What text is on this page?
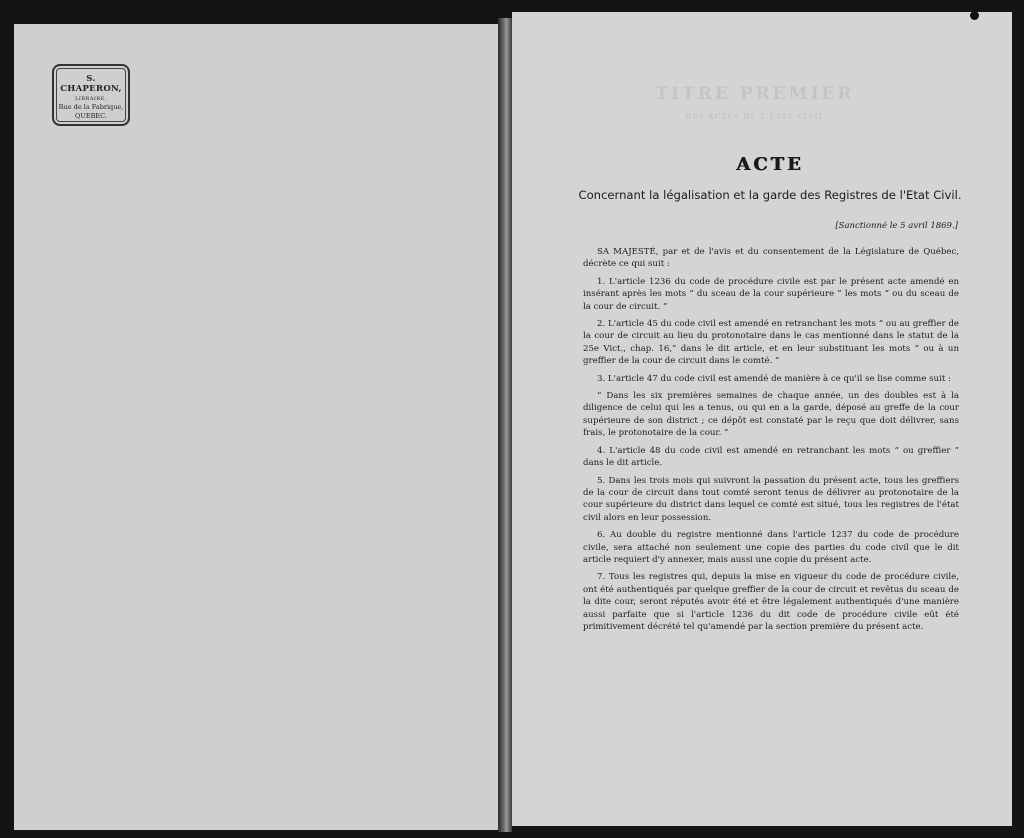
S. CHAPERON,
LIBRAIRE,
Rue de la Fabrique,
QUEBEC.
TITRE PREMIER
DES ACTES DE L'ÉTAT CIVIL
ACTE
Concernant la légalisation et la garde des Registres de l'Etat Civil.
[Sanctionné le 5 avril 1869.]

SA MAJESTÉ, par et de l'avis et du consentement de la Législature de Québec, décrète ce qui suit :

1. L'article 1236 du code de procédure civile est par le présent acte amendé en insérant après les mots “ du sceau de la cour supérieure ” les mots “ ou du sceau de la cour de circuit. ”

2. L'article 45 du code civil est amendé en retranchant les mots “ ou au greffier de la cour de circuit au lieu du protonotaire dans le cas mentionné dans le statut de la 25e Vict., chap. 16,” dans le dit article, et en leur substituant les mots “ ou à un greffier de la cour de circuit dans le comté. ”

3. L'article 47 du code civil est amendé de manière à ce qu'il se lise comme suit :

“ Dans les six premières semaines de chaque année, un des doubles est à la diligence de celui qui les a tenus, ou qui en a la garde, déposé au greffe de la cour supérieure de son district ; ce dépôt est constaté par le reçu que doit délivrer, sans frais, le protonotaire de la cour. ”

4. L'article 48 du code civil est amendé en retranchant les mots “ ou greffier ” dans le dit article.

5. Dans les trois mois qui suivront la passation du présent acte, tous les greffiers de la cour de circuit dans tout comté seront tenus de délivrer au protonotaire de la cour supérieure du district dans lequel ce comté est situé, tous les registres de l'état civil alors en leur possession.

6. Au double du registre mentionné dans l'article 1237 du code de procédure civile, sera attaché non seulement une copie des parties du code civil que le dit article requiert d'y annexer, mais aussi une copie du présent acte.

7. Tous les registres qui, depuis la mise en vigueur du code de procédure civile, ont été authentiqués par quelque greffier de la cour de circuit et revêtus du sceau de la dite cour, seront réputés avoir été et être légalement authentiqués d'une manière aussi parfaite que si l'article 1236 du dit code de procédure civile eût été primitivement décrété tel qu'amendé par la section première du présent acte.
